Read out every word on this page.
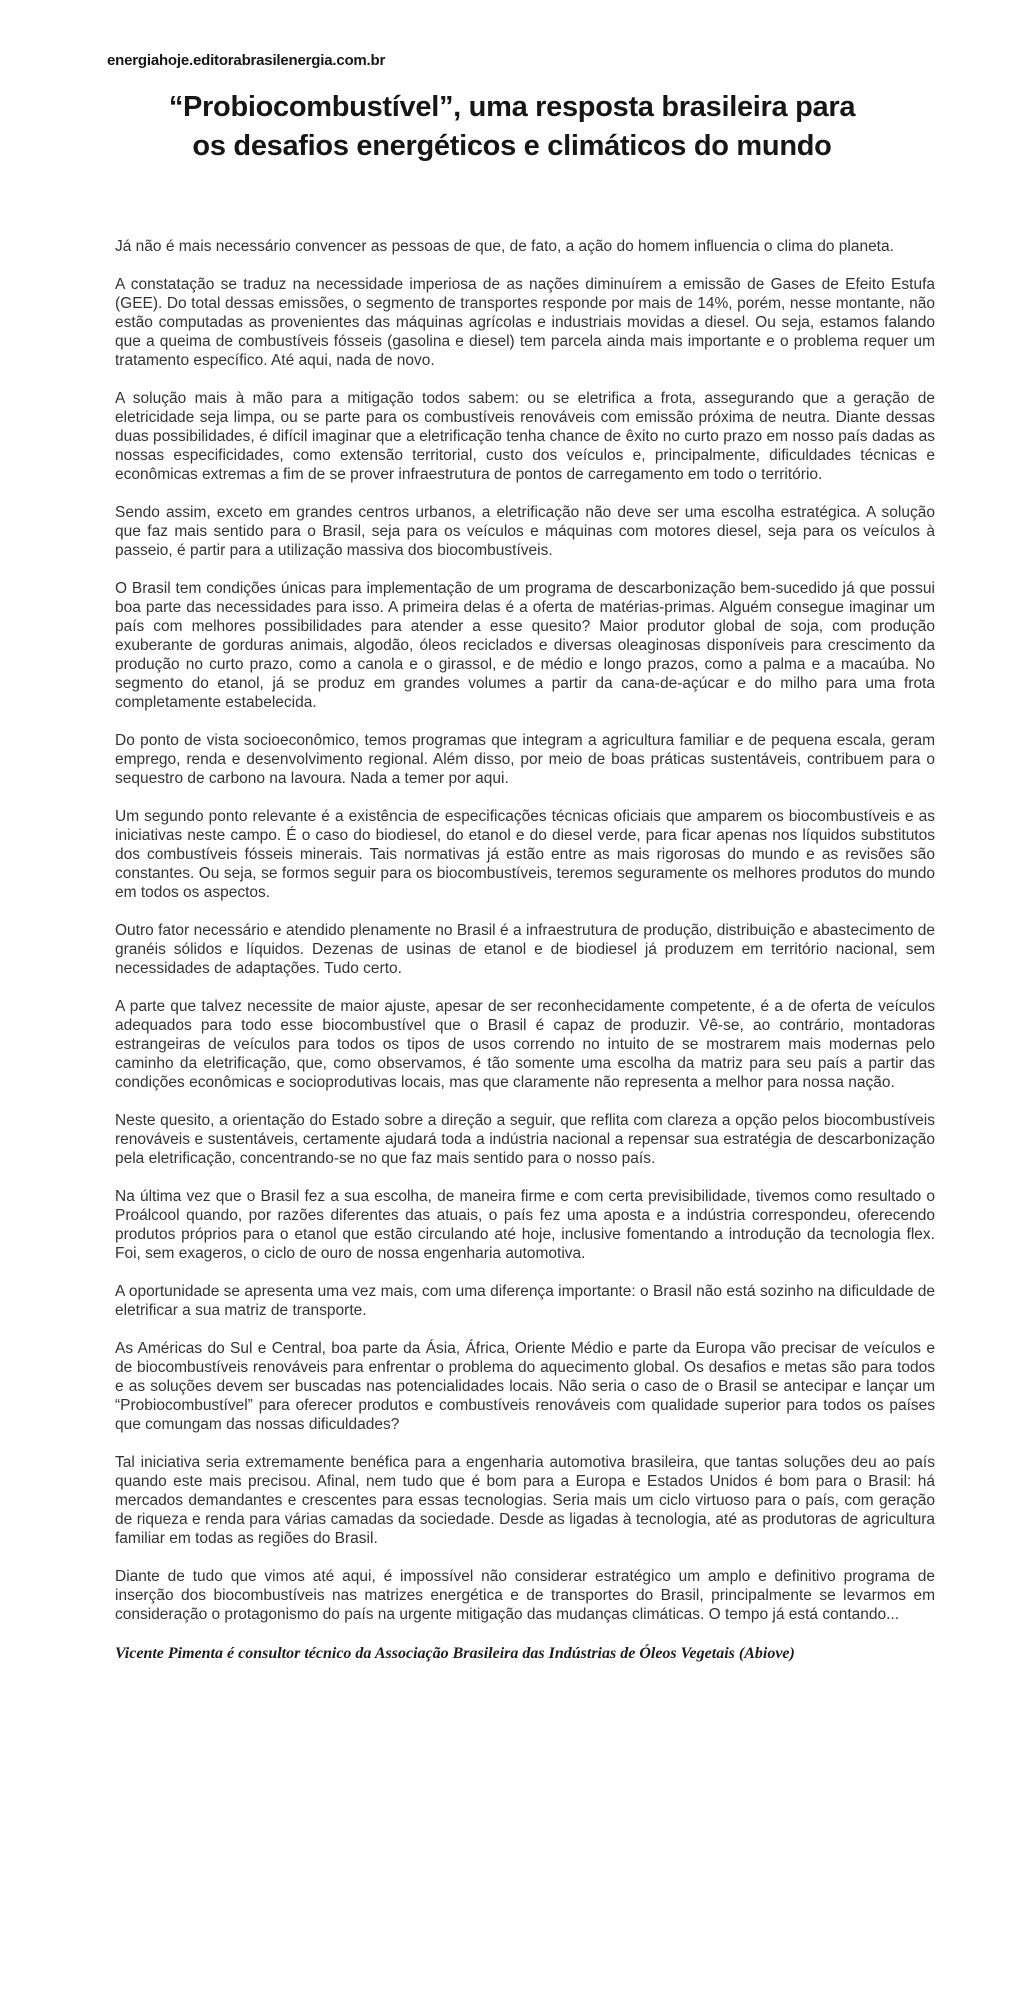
energiahoje.editorabrasilenergia.com.br
“Probiocombustível”, uma resposta brasileira para
os desafios energéticos e climáticos do mundo

Já não é mais necessário convencer as pessoas de que, de fato, a ação do homem influencia o clima do planeta.

A constatação se traduz na necessidade imperiosa de as nações diminuírem a emissão de Gases de Efeito Estufa (GEE). Do total dessas emissões, o segmento de transportes responde por mais de 14%, porém, nesse montante, não estão computadas as provenientes das máquinas agrícolas e industriais movidas a diesel. Ou seja, estamos falando que a queima de combustíveis fósseis (gasolina e diesel) tem parcela ainda mais importante e o problema requer um tratamento específico. Até aqui, nada de novo.

A solução mais à mão para a mitigação todos sabem: ou se eletrifica a frota, assegurando que a geração de eletricidade seja limpa, ou se parte para os combustíveis renováveis com emissão próxima de neutra. Diante dessas duas possibilidades, é difícil imaginar que a eletrificação tenha chance de êxito no curto prazo em nosso país dadas as nossas especificidades, como extensão territorial, custo dos veículos e, principalmente, dificuldades técnicas e econômicas extremas a fim de se prover infraestrutura de pontos de carregamento em todo o território.

Sendo assim, exceto em grandes centros urbanos, a eletrificação não deve ser uma escolha estratégica. A solução que faz mais sentido para o Brasil, seja para os veículos e máquinas com motores diesel, seja para os veículos à passeio, é partir para a utilização massiva dos biocombustíveis.

O Brasil tem condições únicas para implementação de um programa de descarbonização bem-sucedido já que possui boa parte das necessidades para isso. A primeira delas é a oferta de matérias-primas. Alguém consegue imaginar um país com melhores possibilidades para atender a esse quesito? Maior produtor global de soja, com produção exuberante de gorduras animais, algodão, óleos reciclados e diversas oleaginosas disponíveis para crescimento da produção no curto prazo, como a canola e o girassol, e de médio e longo prazos, como a palma e a macaúba. No segmento do etanol, já se produz em grandes volumes a partir da cana-de-açúcar e do milho para uma frota completamente estabelecida.

Do ponto de vista socioeconômico, temos programas que integram a agricultura familiar e de pequena escala, geram emprego, renda e desenvolvimento regional. Além disso, por meio de boas práticas sustentáveis, contribuem para o sequestro de carbono na lavoura. Nada a temer por aqui.

Um segundo ponto relevante é a existência de especificações técnicas oficiais que amparem os biocombustíveis e as iniciativas neste campo. É o caso do biodiesel, do etanol e do diesel verde, para ficar apenas nos líquidos substitutos dos combustíveis fósseis minerais. Tais normativas já estão entre as mais rigorosas do mundo e as revisões são constantes. Ou seja, se formos seguir para os biocombustíveis, teremos seguramente os melhores produtos do mundo em todos os aspectos.

Outro fator necessário e atendido plenamente no Brasil é a infraestrutura de produção, distribuição e abastecimento de granéis sólidos e líquidos. Dezenas de usinas de etanol e de biodiesel já produzem em território nacional, sem necessidades de adaptações. Tudo certo.

A parte que talvez necessite de maior ajuste, apesar de ser reconhecidamente competente, é a de oferta de veículos adequados para todo esse biocombustível que o Brasil é capaz de produzir. Vê-se, ao contrário, montadoras estrangeiras de veículos para todos os tipos de usos correndo no intuito de se mostrarem mais modernas pelo caminho da eletrificação, que, como observamos, é tão somente uma escolha da matriz para seu país a partir das condições econômicas e socioprodutivas locais, mas que claramente não representa a melhor para nossa nação.

Neste quesito, a orientação do Estado sobre a direção a seguir, que reflita com clareza a opção pelos biocombustíveis renováveis e sustentáveis, certamente ajudará toda a indústria nacional a repensar sua estratégia de descarbonização pela eletrificação, concentrando-se no que faz mais sentido para o nosso país.

Na última vez que o Brasil fez a sua escolha, de maneira firme e com certa previsibilidade, tivemos como resultado o Proálcool quando, por razões diferentes das atuais, o país fez uma aposta e a indústria correspondeu, oferecendo produtos próprios para o etanol que estão circulando até hoje, inclusive fomentando a introdução da tecnologia flex. Foi, sem exageros, o ciclo de ouro de nossa engenharia automotiva.

A oportunidade se apresenta uma vez mais, com uma diferença importante: o Brasil não está sozinho na dificuldade de eletrificar a sua matriz de transporte.

As Américas do Sul e Central, boa parte da Ásia, África, Oriente Médio e parte da Europa vão precisar de veículos e de biocombustíveis renováveis para enfrentar o problema do aquecimento global. Os desafios e metas são para todos e as soluções devem ser buscadas nas potencialidades locais. Não seria o caso de o Brasil se antecipar e lançar um “Probiocombustível” para oferecer produtos e combustíveis renováveis com qualidade superior para todos os países que comungam das nossas dificuldades?

Tal iniciativa seria extremamente benéfica para a engenharia automotiva brasileira, que tantas soluções deu ao país quando este mais precisou. Afinal, nem tudo que é bom para a Europa e Estados Unidos é bom para o Brasil: há mercados demandantes e crescentes para essas tecnologias. Seria mais um ciclo virtuoso para o país, com geração de riqueza e renda para várias camadas da sociedade. Desde as ligadas à tecnologia, até as produtoras de agricultura familiar em todas as regiões do Brasil.

Diante de tudo que vimos até aqui, é impossível não considerar estratégico um amplo e definitivo programa de inserção dos biocombustíveis nas matrizes energética e de transportes do Brasil, principalmente se levarmos em consideração o protagonismo do país na urgente mitigação das mudanças climáticas. O tempo já está contando...

Vicente Pimenta é consultor técnico da Associação Brasileira das Indústrias de Óleos Vegetais (Abiove)
